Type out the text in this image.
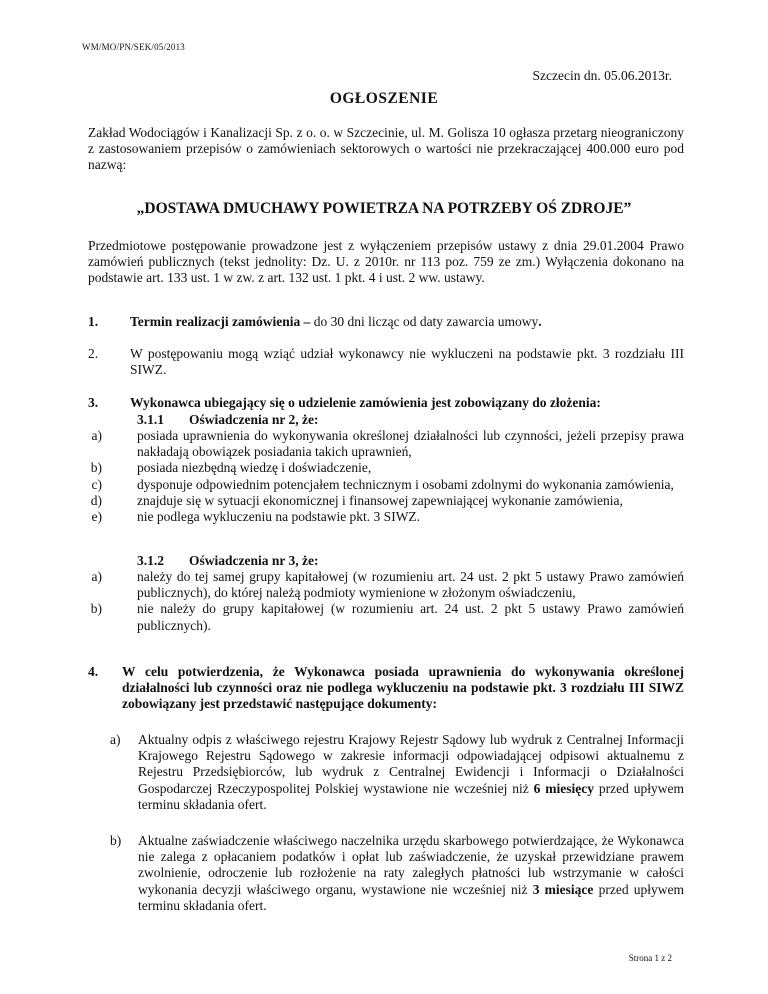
WM/MO/PN/SEK/05/2013
Szczecin dn. 05.06.2013r.
OGŁOSZENIE
Zakład Wodociągów i Kanalizacji Sp. z o. o. w Szczecinie, ul. M. Golisza 10 ogłasza przetarg nieograniczony z zastosowaniem przepisów o zamówieniach sektorowych o wartości nie przekraczającej 400.000 euro pod nazwą:
„DOSTAWA DMUCHAWY POWIETRZA NA POTRZEBY OŚ ZDROJE”
Przedmiotowe postępowanie prowadzone jest z wyłączeniem przepisów ustawy z dnia 29.01.2004 Prawo zamówień publicznych (tekst jednolity: Dz. U. z 2010r. nr 113 poz. 759 ze zm.) Wyłączenia dokonano na podstawie art. 133 ust. 1 w zw. z art. 132 ust. 1 pkt. 4 i ust. 2 ww. ustawy.
1. Termin realizacji zamówienia – do 30 dni licząc od daty zawarcia umowy.
2. W postępowaniu mogą wziąć udział wykonawcy nie wykluczeni na podstawie pkt. 3 rozdziału III SIWZ.
3. Wykonawca ubiegający się o udzielenie zamówienia jest zobowiązany do złożenia:
3.1.1 Oświadczenia nr 2, że:
a)	posiada uprawnienia do wykonywania określonej działalności lub czynności, jeżeli przepisy prawa nakładają obowiązek posiadania takich uprawnień,
b)	posiada niezbędną wiedzę i doświadczenie,
c)	dysponuje odpowiednim potencjałem technicznym i osobami zdolnymi do wykonania zamówienia,
d)	znajduje się w sytuacji ekonomicznej i finansowej zapewniającej wykonanie zamówienia,
e)	nie podlega wykluczeniu na podstawie pkt. 3 SIWZ.
3.1.2 Oświadczenia nr 3, że:
a)	należy do tej samej grupy kapitałowej (w rozumieniu art. 24 ust. 2 pkt 5 ustawy Prawo zamówień publicznych), do której należą podmioty wymienione w złożonym oświadczeniu,
b)	nie należy do grupy kapitałowej (w rozumieniu art. 24 ust. 2 pkt 5 ustawy Prawo zamówień publicznych).
4. W celu potwierdzenia, że Wykonawca posiada uprawnienia do wykonywania określonej działalności lub czynności oraz nie podlega wykluczeniu na podstawie pkt. 3 rozdziału III SIWZ zobowiązany jest przedstawić następujące dokumenty:
a) Aktualny odpis z właściwego rejestru Krajowy Rejestr Sądowy lub wydruk z Centralnej Informacji Krajowego Rejestru Sądowego w zakresie informacji odpowiadającej odpisowi aktualnemu z Rejestru Przedsiębiorców, lub wydruk z Centralnej Ewidencji i Informacji o Działalności Gospodarczej Rzeczypospolitej Polskiej wystawione nie wcześniej niż 6 miesięcy przed upływem terminu składania ofert.
b) Aktualne zaświadczenie właściwego naczelnika urzędu skarbowego potwierdzające, że Wykonawca nie zalega z opłacaniem podatków i opłat lub zaświadczenie, że uzyskał przewidziane prawem zwolnienie, odroczenie lub rozłożenie na raty zaległych płatności lub wstrzymanie w całości wykonania decyzji właściwego organu, wystawione nie wcześniej niż 3 miesiące przed upływem terminu składania ofert.
Strona 1 z 2
